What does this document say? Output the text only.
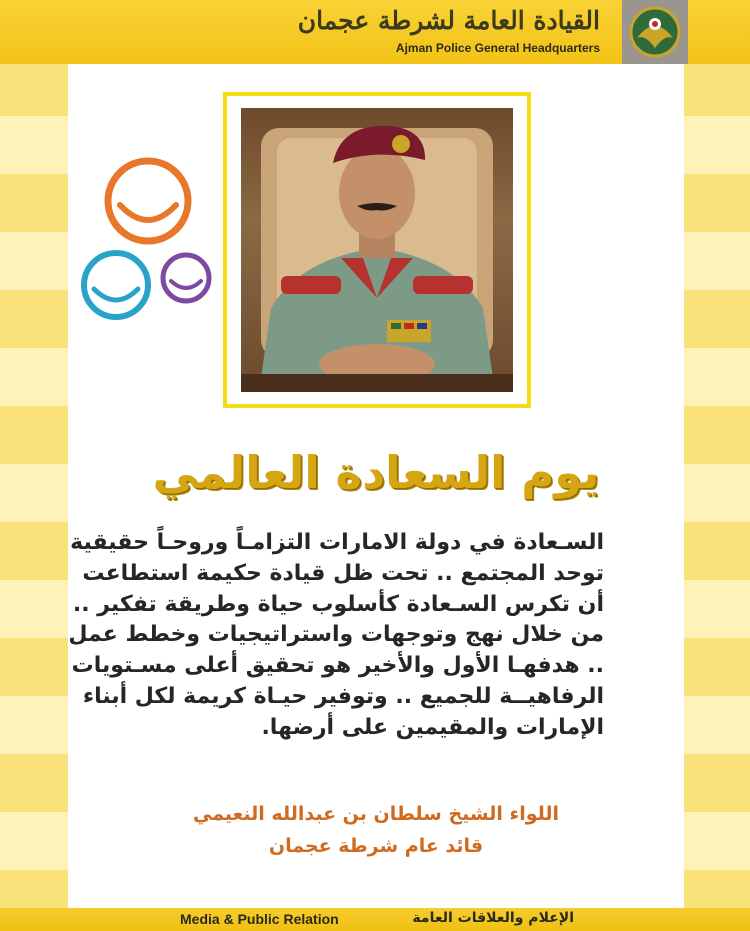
القيادة العامة لشرطة عجمان
Ajman Police General Headquarters
يوم السعادة العالمي
السـعادة في دولة الامارات التزامـاً وروحـاً حقيقية
توحد المجتمع .. تحت ظل قيادة حكيمة استطاعت
أن تكرس السـعادة كأسلوب حياة وطريقة تفكير ..
من خلال نهج وتوجهات واستراتيجيات وخطط عمل
.. هدفهـا الأول والأخير هو تحقيق أعلى مسـتويات
الرفاهيــة للجميع .. وتوفير حيـاة كريمة لكل أبناء
الإمارات والمقيمين على أرضها.
اللواء الشيخ سلطان بن عبدالله النعيمي
قائد عام شرطة عجمان
Media & Public Relation	الإعلام والعلاقات العامة
